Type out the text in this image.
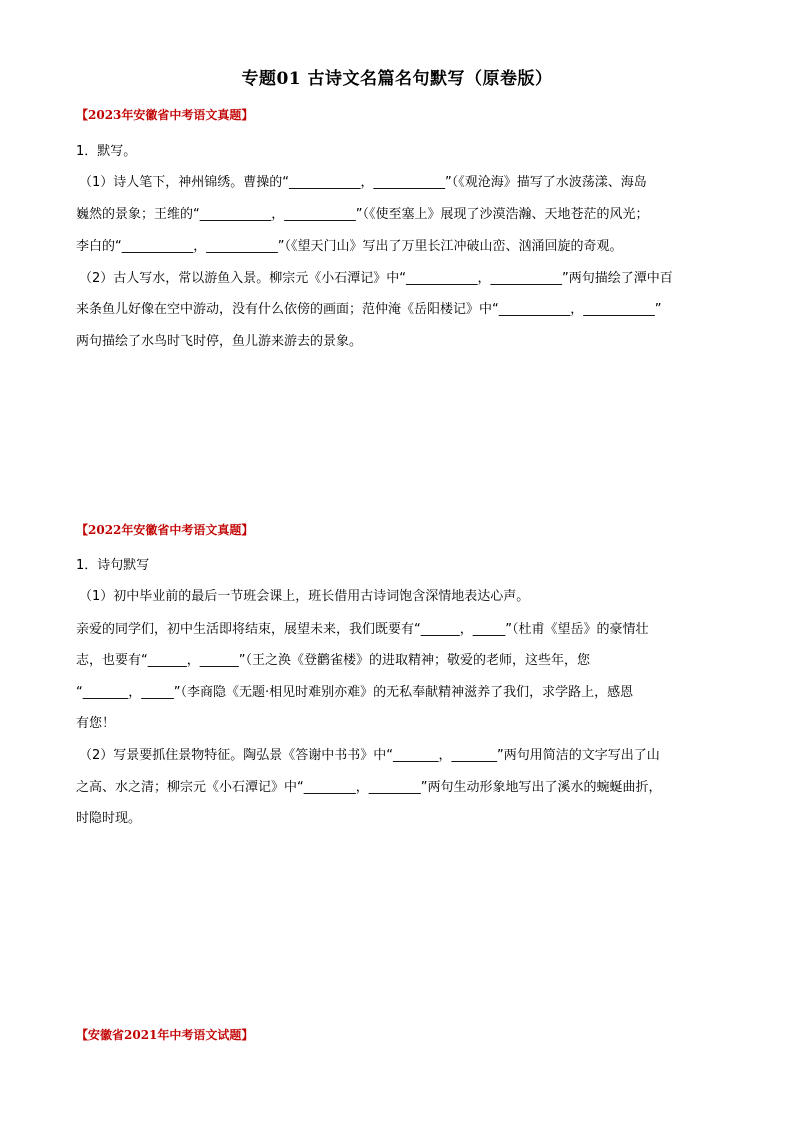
专题01 古诗文名篇名句默写（原卷版）
【2023年安徽省中考语文真题】
1．默写。
（1）诗人笔下，神州锦绣。曹操的“___________，___________”（《观沧海》描写了水波荡漾、海岛
巍然的景象；王维的“___________，___________”（《使至塞上》展现了沙漠浩瀚、天地苍茫的风光；
李白的“___________，___________”（《望天门山》写出了万里长江冲破山峦、汹涌回旋的奇观。
（2）古人写水，常以游鱼入景。柳宗元《小石潭记》中“___________，___________”两句描绘了潭中百
来条鱼儿好像在空中游动，没有什么依傍的画面；范仲淹《岳阳楼记》中“___________，___________”
两句描绘了水鸟时飞时停，鱼儿游来游去的景象。
【2022年安徽省中考语文真题】
1．诗句默写
（1）初中毕业前的最后一节班会课上，班长借用古诗词饱含深情地表达心声。
亲爱的同学们，初中生活即将结束，展望未来，我们既要有“______，_____”（杜甫《望岳》的豪情壮
志，也要有“______，______”（王之涣《登鹳雀楼》的进取精神；敬爱的老师，这些年，您
“_______，_____”（李商隐《无题·相见时难别亦难》的无私奉献精神滋养了我们，求学路上，感恩
有您！
（2）写景要抓住景物特征。陶弘景《答谢中书书》中“_______，_______”两句用简洁的文字写出了山
之高、水之清；柳宗元《小石潭记》中“________，________”两句生动形象地写出了溪水的蜿蜒曲折，
时隐时现。
【安徽省2021年中考语文试题】
